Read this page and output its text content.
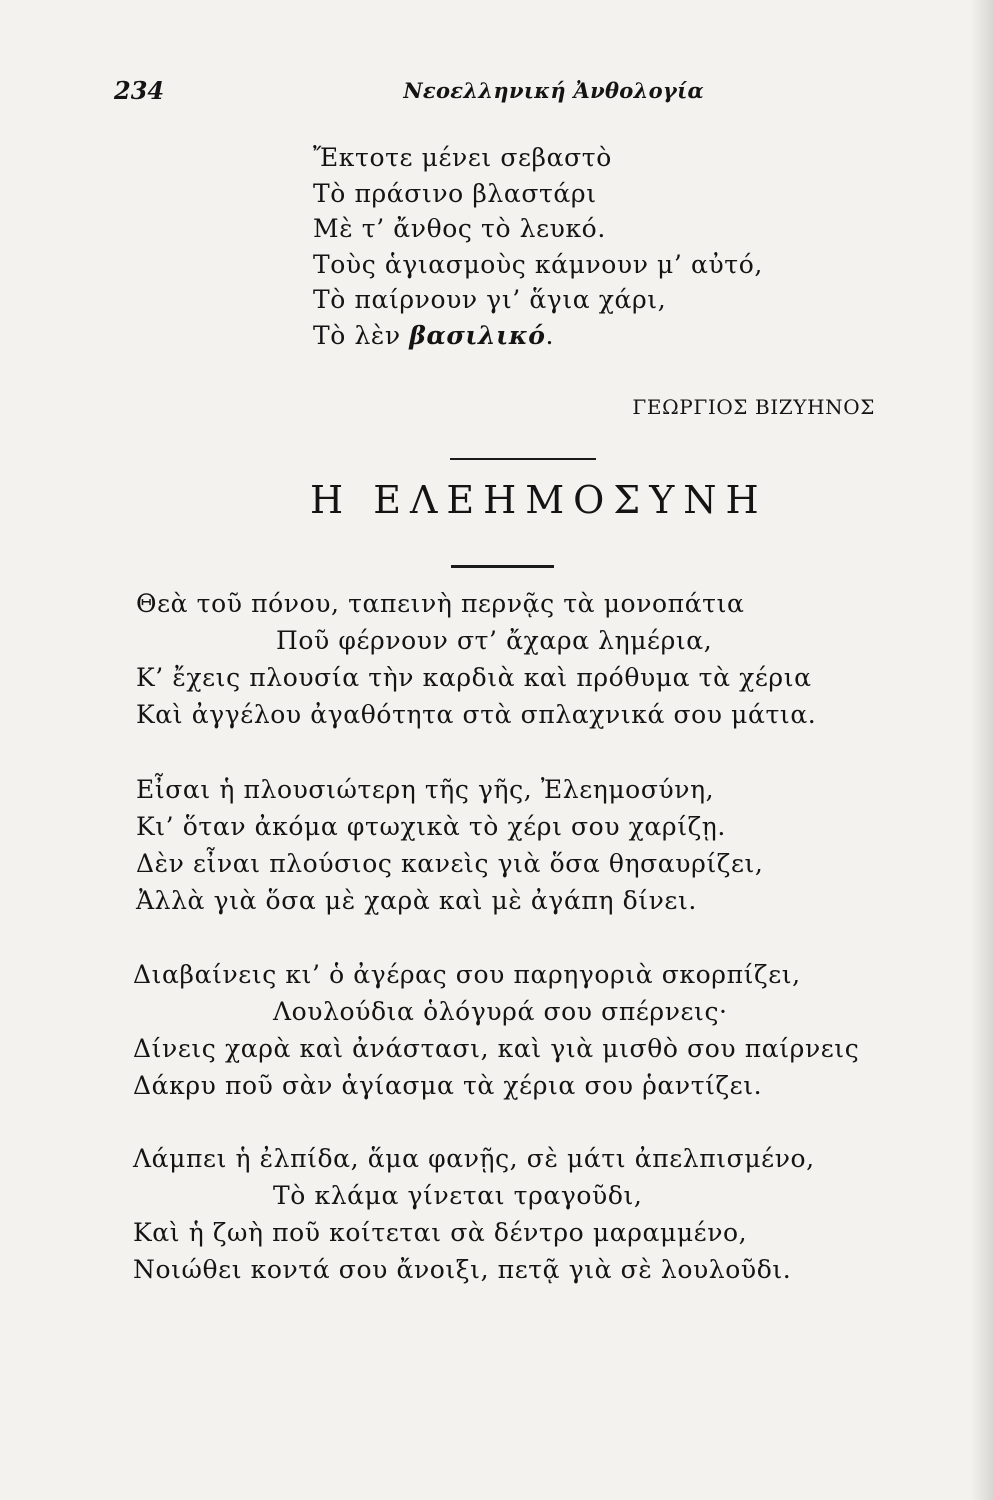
234	Νεοελληνική Ἀνθολογία
Ἔκτοτε μένει σεβαστὸ
Τὸ πράσινο βλαστάρι
Μὲ τ’ ἄνθος τὸ λευκό.
Τοὺς ἁγιασμοὺς κάμνουν μ’ αὐτό,
Τὸ παίρνουν γι’ ἅγια χάρι,
Τὸ λὲν βασιλικό.
ΓΕΩΡΓΙΟΣ ΒΙΖΥΗΝΟΣ
Η ΕΛΕΗΜΟΣΥΝΗ
Θεὰ τοῦ πόνου, ταπεινὴ περνᾷς τὰ μονοπάτια
Ποῦ φέρνουν στ’ ἄχαρα λημέρια,
Κ’ ἔχεις πλουσία τὴν καρδιὰ καὶ πρόθυμα τὰ χέρια
Καὶ ἀγγέλου ἀγαθότητα στὰ σπλαχνικά σου μάτια.
Εἶσαι ἡ πλουσιώτερη τῆς γῆς, Ἐλεημοσύνη,
Κι’ ὅταν ἀκόμα φτωχικὰ τὸ χέρι σου χαρίζῃ.
Δὲν εἶναι πλούσιος κανεὶς γιὰ ὅσα θησαυρίζει,
Ἀλλὰ γιὰ ὅσα μὲ χαρὰ καὶ μὲ ἀγάπη δίνει.
Διαβαίνεις κι’ ὁ ἀγέρας σου παρηγοριὰ σκορπίζει,
Λουλούδια ὁλόγυρά σου σπέρνεις·
Δίνεις χαρὰ καὶ ἀνάστασι, καὶ γιὰ μισθὸ σου παίρνεις
Δάκρυ ποῦ σὰν ἁγίασμα τὰ χέρια σου ῥαντίζει.
Λάμπει ἡ ἐλπίδα, ἅμα φανῇς, σὲ μάτι ἀπελπισμένο,
Τὸ κλάμα γίνεται τραγοῦδι,
Καὶ ἡ ζωὴ ποῦ κοίτεται σὰ δέντρο μαραμμένο,
Νοιώθει κοντά σου ἄνοιξι, πετᾷ γιὰ σὲ λουλοῦδι.
